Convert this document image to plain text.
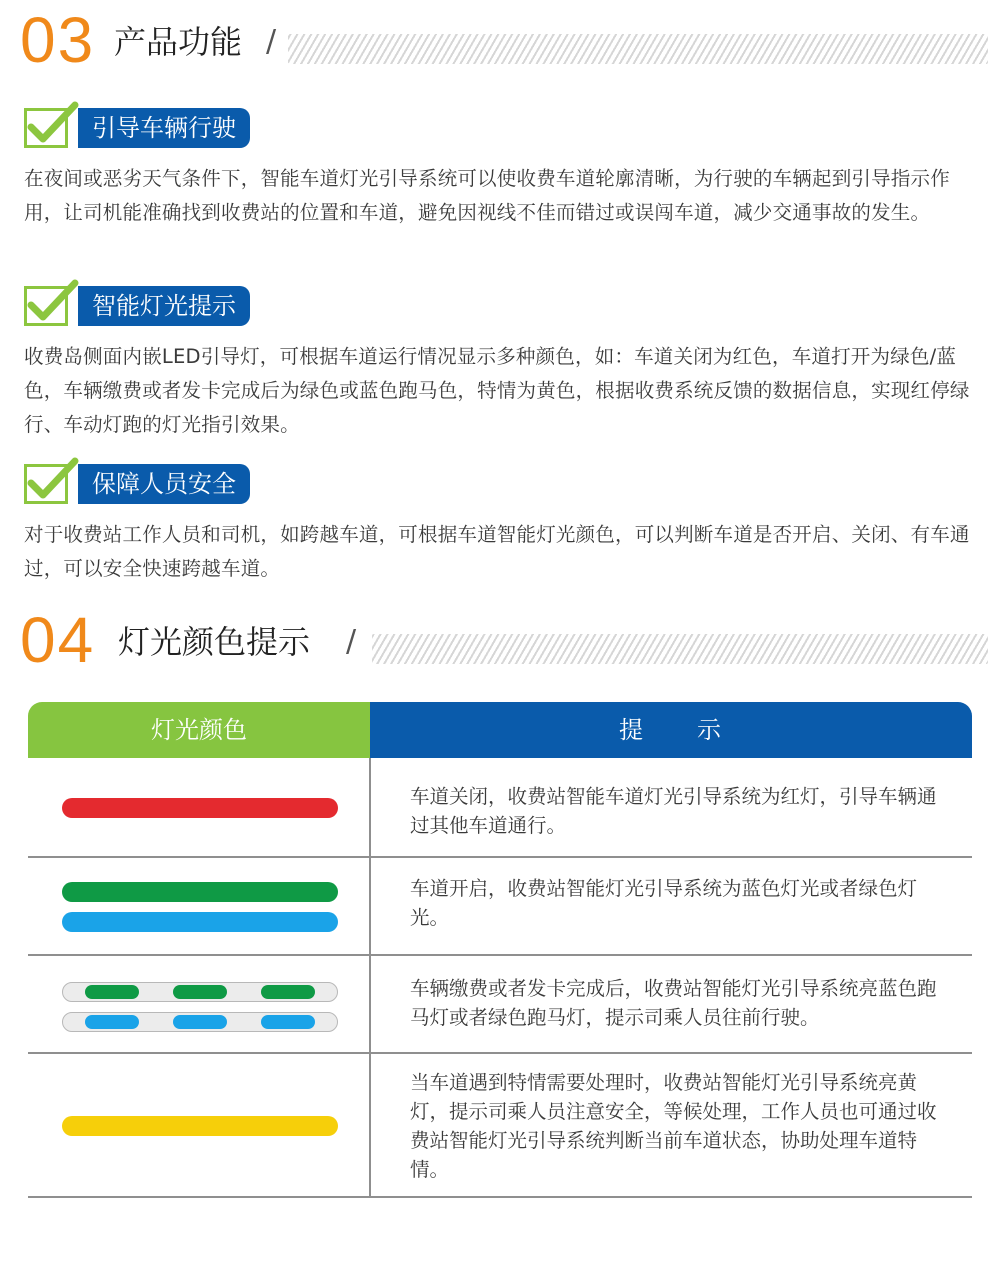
03 产品功能 /
引导车辆行驶
在夜间或恶劣天气条件下，智能车道灯光引导系统可以使收费车道轮廓清晰，为行驶的车辆起到引导指示作用，让司机能准确找到收费站的位置和车道，避免因视线不佳而错过或误闯车道，减少交通事故的发生。
智能灯光提示
收费岛侧面内嵌LED引导灯，可根据车道运行情况显示多种颜色，如：车道关闭为红色，车道打开为绿色/蓝色，车辆缴费或者发卡完成后为绿色或蓝色跑马色，特情为黄色，根据收费系统反馈的数据信息，实现红停绿行、车动灯跑的灯光指引效果。
保障人员安全
对于收费站工作人员和司机，如跨越车道，可根据车道智能灯光颜色，可以判断车道是否开启、关闭、有车通过，可以安全快速跨越车道。
04 灯光颜色提示 /
灯光颜色	提　　示
车道关闭，收费站智能车道灯光引导系统为红灯，引导车辆通过其他车道通行。
车道开启，收费站智能灯光引导系统为蓝色灯光或者绿色灯光。
车辆缴费或者发卡完成后，收费站智能灯光引导系统亮蓝色跑马灯或者绿色跑马灯，提示司乘人员往前行驶。
当车道遇到特情需要处理时，收费站智能灯光引导系统亮黄灯，提示司乘人员注意安全，等候处理，工作人员也可通过收费站智能灯光引导系统判断当前车道状态，协助处理车道特情。
